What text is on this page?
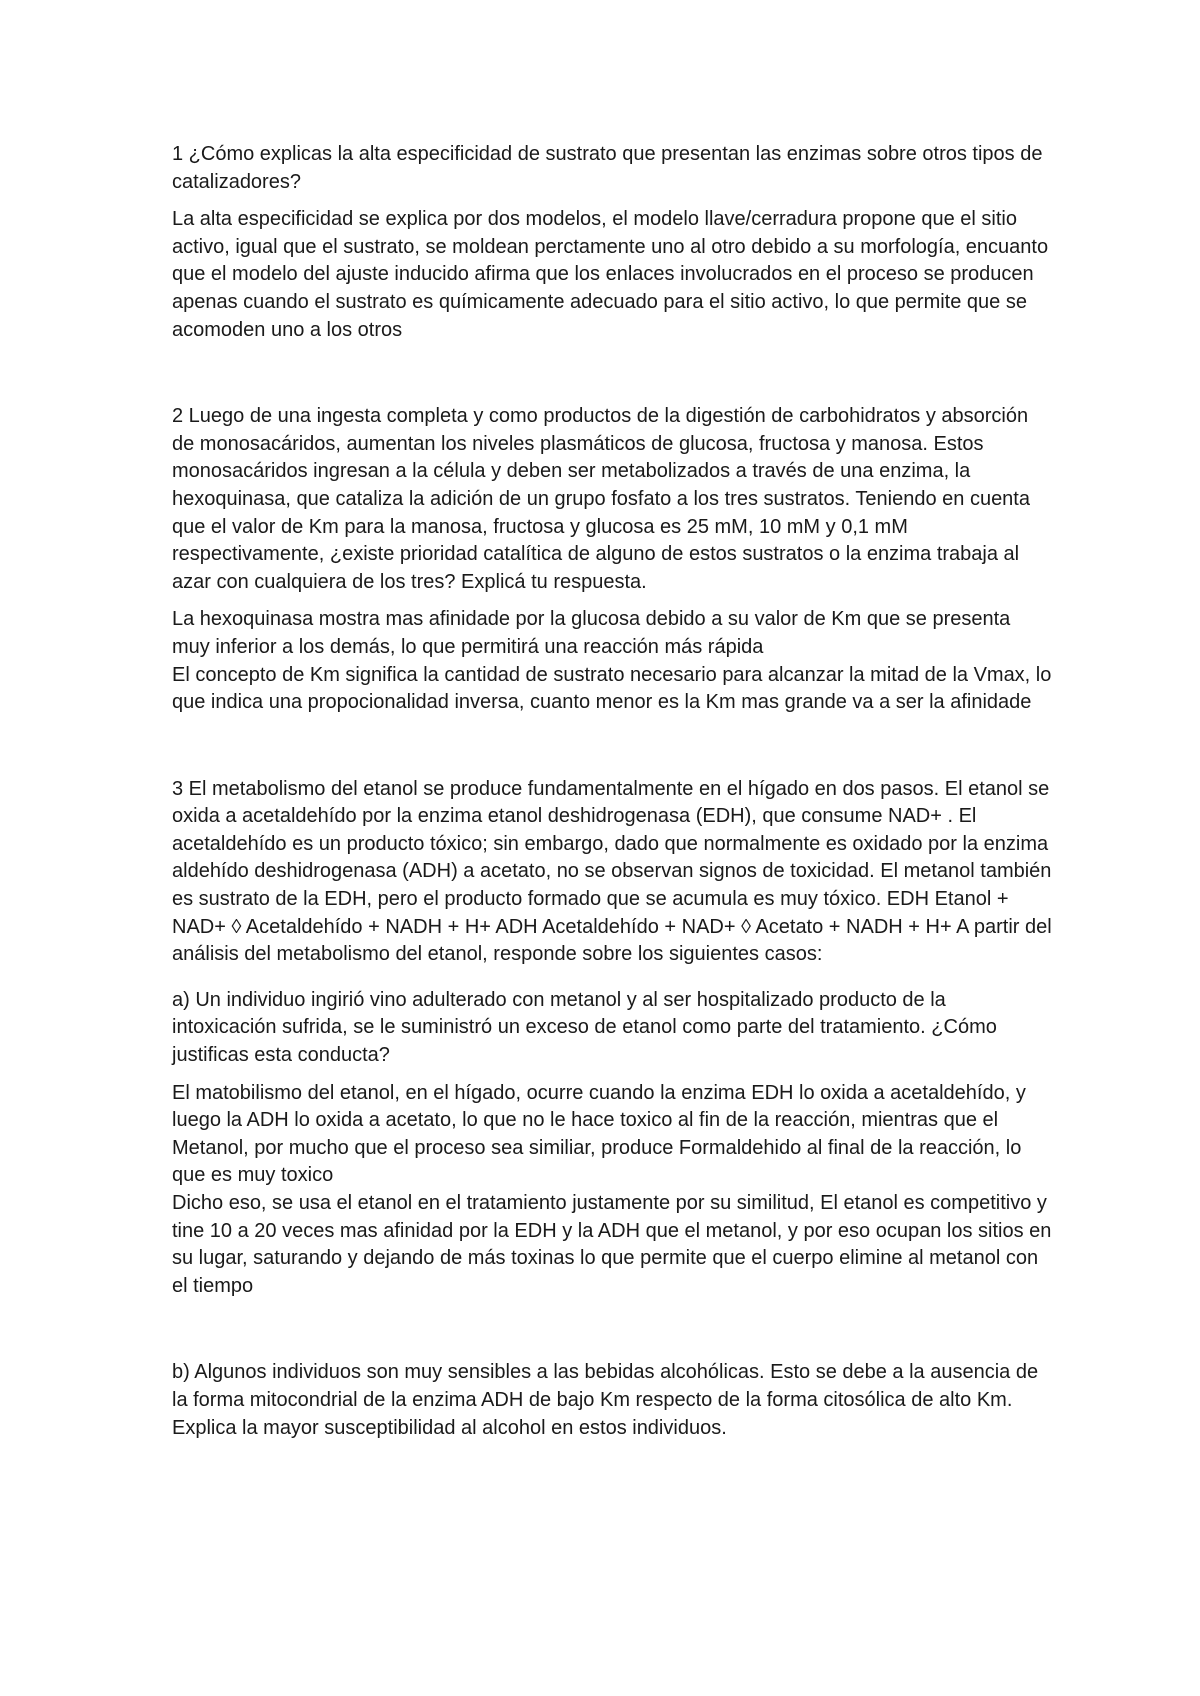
1 ¿Cómo explicas la alta especificidad de sustrato que presentan las enzimas sobre otros tipos de catalizadores?

La alta especificidad se explica por dos modelos, el modelo llave/cerradura propone que el sitio activo, igual que el sustrato, se moldean perctamente uno al otro debido a su morfología, encuanto que el modelo del ajuste inducido afirma que los enlaces involucrados en el proceso se producen apenas cuando el sustrato es químicamente adecuado para el sitio activo, lo que permite que se acomoden uno a los otros

2 Luego de una ingesta completa y como productos de la digestión de carbohidratos y absorción de monosacáridos, aumentan los niveles plasmáticos de glucosa, fructosa y manosa. Estos monosacáridos ingresan a la célula y deben ser metabolizados a través de una enzima, la hexoquinasa, que cataliza la adición de un grupo fosfato a los tres sustratos. Teniendo en cuenta que el valor de Km para la manosa, fructosa y glucosa es 25 mM, 10 mM y 0,1 mM respectivamente, ¿existe prioridad catalítica de alguno de estos sustratos o la enzima trabaja al azar con cualquiera de los tres? Explicá tu respuesta.

La hexoquinasa mostra mas afinidade por la glucosa debido a su valor de Km que se presenta muy inferior a los demás, lo que permitirá una reacción más rápida

El concepto de Km significa la cantidad de sustrato necesario para alcanzar la mitad de la Vmax, lo que indica una propocionalidad inversa, cuanto menor es la Km mas grande va a ser la afinidade

3 El metabolismo del etanol se produce fundamentalmente en el hígado en dos pasos. El etanol se oxida a acetaldehído por la enzima etanol deshidrogenasa (EDH), que consume NAD+ . El acetaldehído es un producto tóxico; sin embargo, dado que normalmente es oxidado por la enzima aldehído deshidrogenasa (ADH) a acetato, no se observan signos de toxicidad. El metanol también es sustrato de la EDH, pero el producto formado que se acumula es muy tóxico. EDH Etanol + NAD+ ◊ Acetaldehído + NADH + H+ ADH Acetaldehído + NAD+ ◊ Acetato + NADH + H+ A partir del análisis del metabolismo del etanol, responde sobre los siguientes casos:

a) Un individuo ingirió vino adulterado con metanol y al ser hospitalizado producto de la intoxicación sufrida, se le suministró un exceso de etanol como parte del tratamiento. ¿Cómo justificas esta conducta?

El matobilismo del etanol, en el hígado, ocurre cuando la enzima EDH lo oxida a acetaldehído, y luego la ADH lo oxida a acetato, lo que no le hace toxico al fin de la reacción, mientras que el Metanol, por mucho que el proceso sea similiar, produce Formaldehido al final de la reacción, lo que es muy toxico

Dicho eso, se usa el etanol en el tratamiento justamente por su similitud, El etanol es competitivo y tine 10 a 20 veces mas afinidad por la EDH y la ADH que el metanol, y por eso ocupan los sitios en su lugar, saturando y dejando de más toxinas lo que permite que el cuerpo elimine al metanol con el tiempo

b) Algunos individuos son muy sensibles a las bebidas alcohólicas. Esto se debe a la ausencia de la forma mitocondrial de la enzima ADH de bajo Km respecto de la forma citosólica de alto Km. Explica la mayor susceptibilidad al alcohol en estos individuos.
